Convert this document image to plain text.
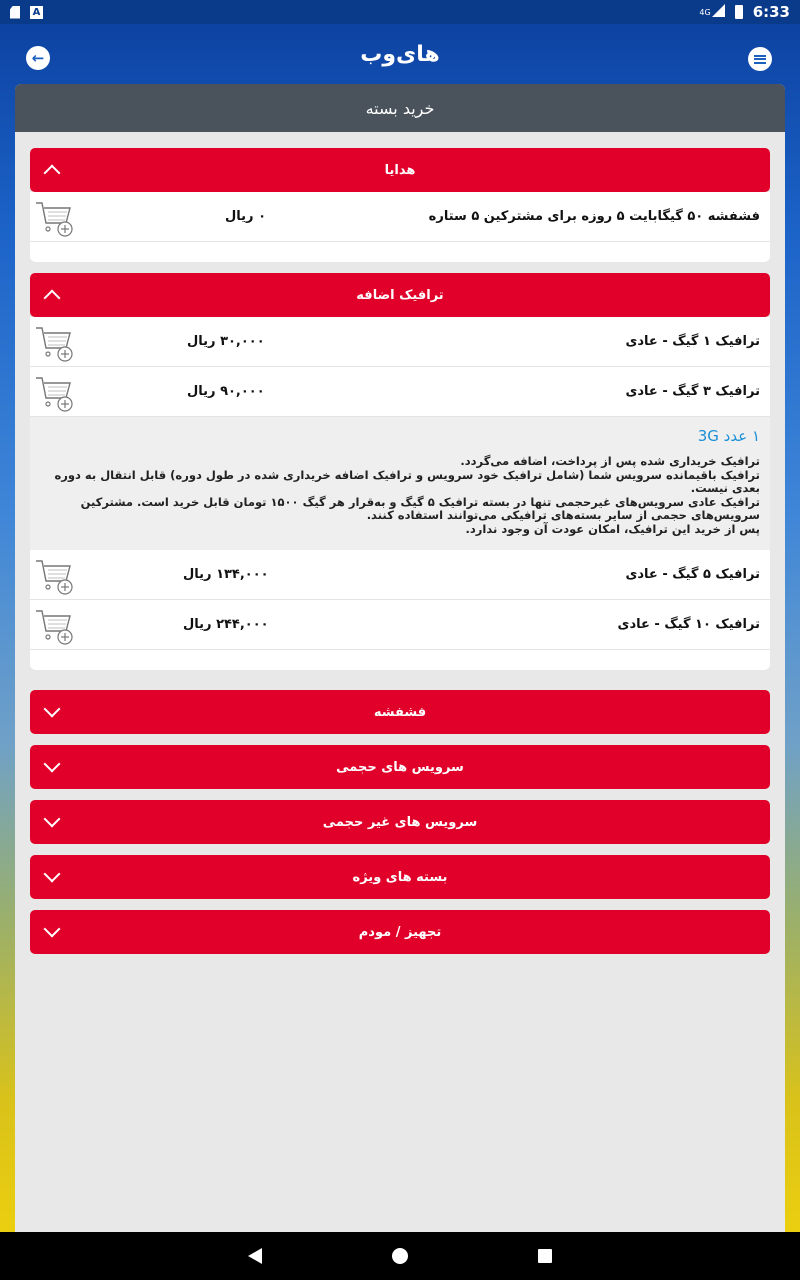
A	4G	6:33
←	های‌وب
خرید بسته
هدایا
فشفشه ۵۰ گیگابایت ۵ روزه برای مشترکین ۵ ستاره
۰ ریال
ترافیک اضافه
ترافیک ۱ گیگ - عادی
۳۰,۰۰۰ ریال
ترافیک ۳ گیگ - عادی
۹۰,۰۰۰ ریال
۱ عدد 3G
ترافیک خریداری شده پس از پرداخت، اضافه می‌گردد.
ترافیک باقیمانده سرویس شما (شامل ترافیک خود سرویس و ترافیک اضافه خریداری شده در طول دوره) قابل انتقال به دوره بعدی نیست.
ترافیک عادی سرویس‌های غیرحجمی تنها در بسته ترافیک ۵ گیگ و به‌قرار هر گیگ ۱۵۰۰ تومان قابل خرید است. مشترکین سرویس‌های حجمی از سایر بسته‌های ترافیکی می‌توانند استفاده کنند.
پس از خرید این ترافیک، امکان عودت آن وجود ندارد.
ترافیک ۵ گیگ - عادی
۱۳۴,۰۰۰ ریال
ترافیک ۱۰ گیگ - عادی
۲۴۴,۰۰۰ ریال
فشفشه
سرویس های حجمی
سرویس های غیر حجمی
بسته های ویژه
تجهیز / مودم
